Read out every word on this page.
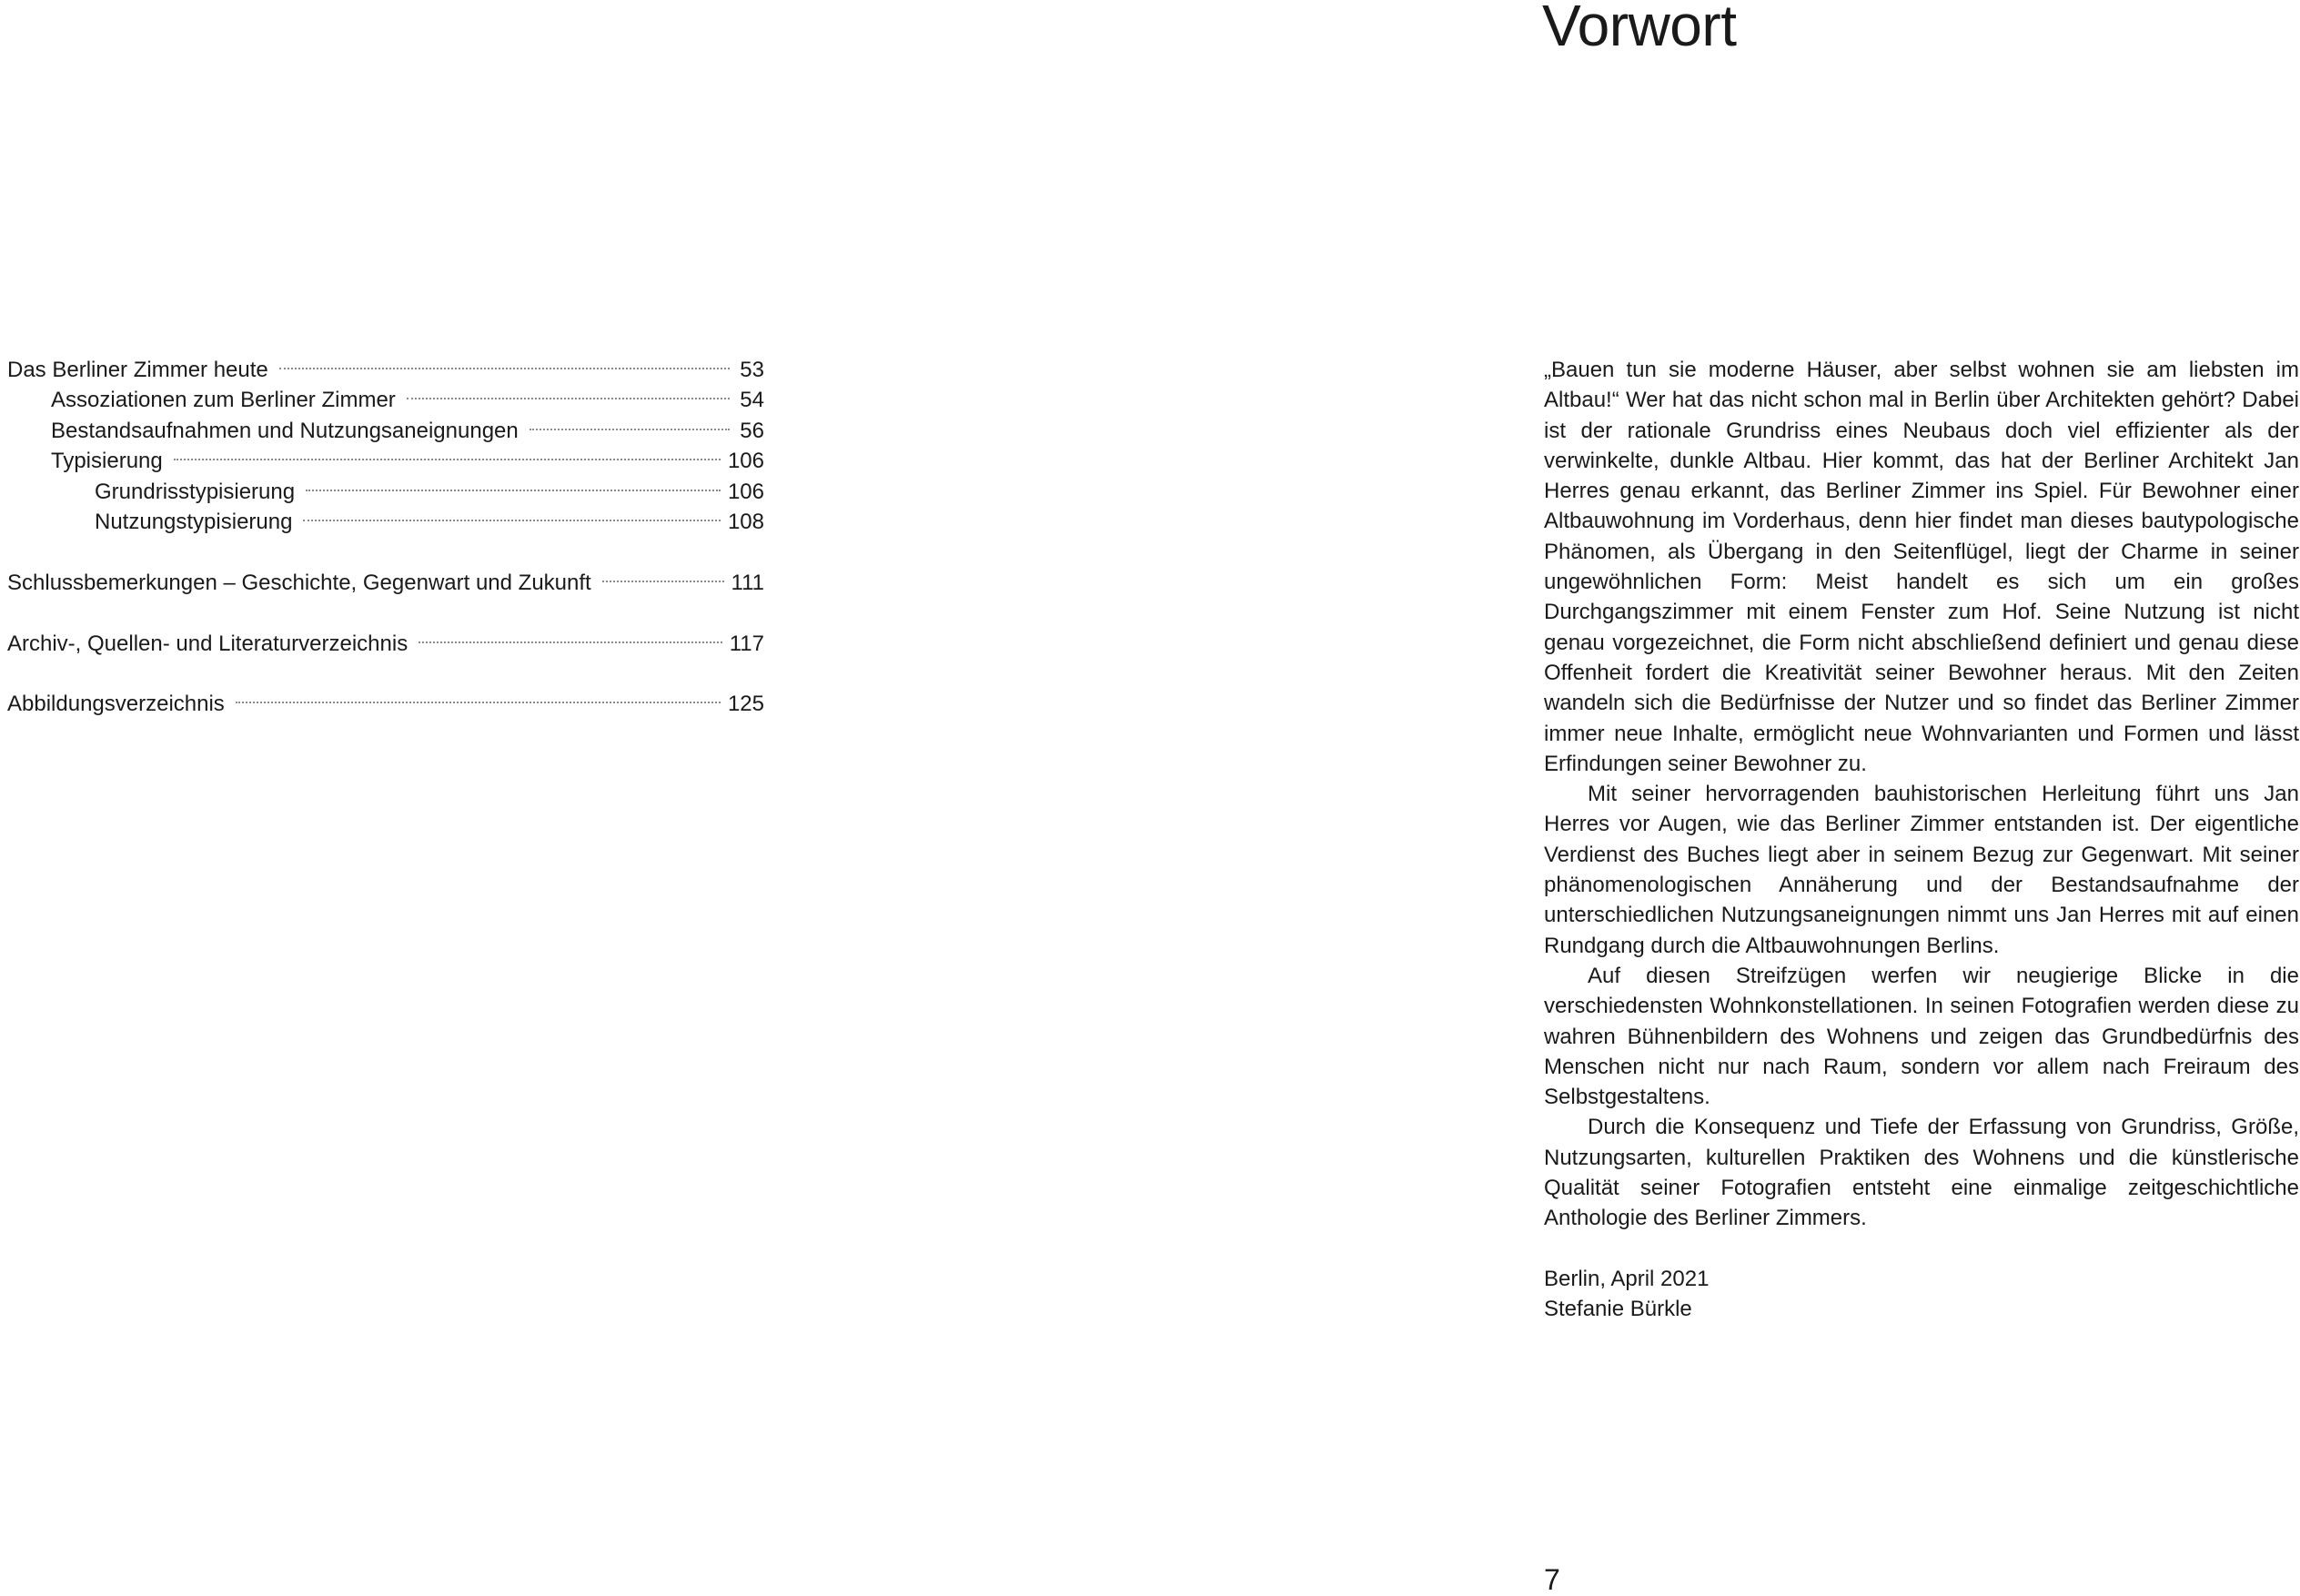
Das Berliner Zimmer heute	53
Assoziationen zum Berliner Zimmer	54
Bestandsaufnahmen und Nutzungsaneignungen	56
Typisierung	106
Grundrisstypisierung	106
Nutzungstypisierung	108
Schlussbemerkungen – Geschichte, Gegenwart und Zukunft	111
Archiv-, Quellen- und Literaturverzeichnis	117
Abbildungsverzeichnis	125
Vorwort

„Bauen tun sie moderne Häuser, aber selbst wohnen sie am liebsten im Altbau!“ Wer hat das nicht schon mal in Berlin über Architekten gehört? Dabei ist der rationale Grundriss eines Neubaus doch viel effizienter als der verwinkelte, dunkle Altbau. Hier kommt, das hat der Berliner Architekt Jan Herres genau erkannt, das Berliner Zimmer ins Spiel. Für Bewohner einer Altbauwohnung im Vorderhaus, denn hier findet man dieses bautypologische Phänomen, als Übergang in den Seitenflügel, liegt der Charme in seiner ungewöhnlichen Form: Meist handelt es sich um ein großes Durchgangszimmer mit einem Fenster zum Hof. Seine Nutzung ist nicht genau vorgezeichnet, die Form nicht abschließend definiert und genau diese Offenheit fordert die Kreativität seiner Bewohner heraus. Mit den Zeiten wandeln sich die Bedürfnisse der Nutzer und so findet das Berliner Zimmer immer neue Inhalte, ermöglicht neue Wohnvarianten und Formen und lässt Erfindungen seiner Bewohner zu.

Mit seiner hervorragenden bauhistorischen Herleitung führt uns Jan Herres vor Augen, wie das Berliner Zimmer entstanden ist. Der eigentliche Verdienst des Buches liegt aber in seinem Bezug zur Gegenwart. Mit seiner phänomenologischen Annäherung und der Bestandsaufnahme der unterschiedlichen Nutzungsaneignungen nimmt uns Jan Herres mit auf einen Rundgang durch die Altbauwohnungen Berlins.

Auf diesen Streifzügen werfen wir neugierige Blicke in die verschiedensten Wohnkonstellationen. In seinen Fotografien werden diese zu wahren Bühnenbildern des Wohnens und zeigen das Grundbedürfnis des Menschen nicht nur nach Raum, sondern vor allem nach Freiraum des Selbstgestaltens.

Durch die Konsequenz und Tiefe der Erfassung von Grundriss, Größe, Nutzungsarten, kulturellen Praktiken des Wohnens und die künstlerische Qualität seiner Fotografien entsteht eine einmalige zeitgeschichtliche Anthologie des Berliner Zimmers.

Berlin, April 2021
Stefanie Bürkle
7
